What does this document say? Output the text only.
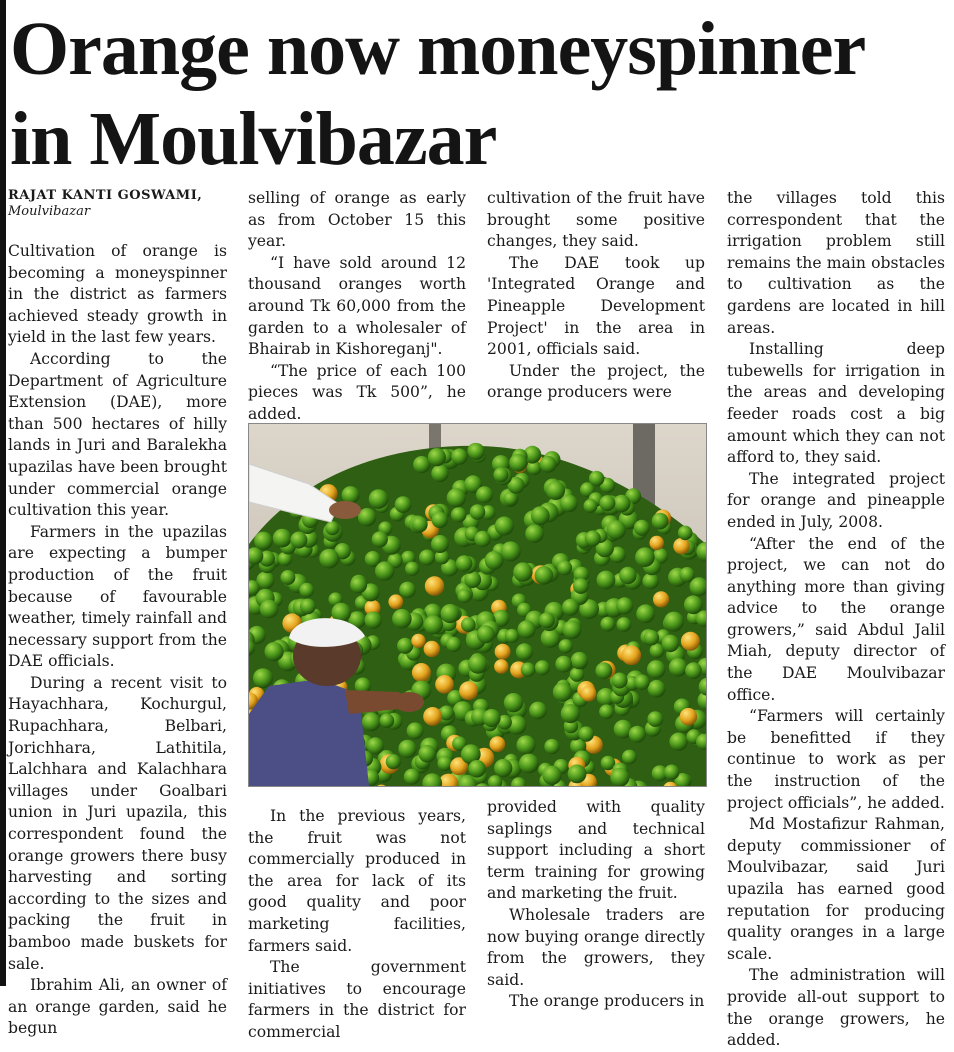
Orange now moneyspinner
in Moulvibazar
RAJAT KANTI GOSWAMI,
Moulvibazar

Cultivation of orange is becoming a moneyspinner in the district as farmers achieved steady growth in yield in the last few years.

According to the Department of Agriculture Extension (DAE), more than 500 hectares of hilly lands in Juri and Baralekha upazilas have been brought under commercial orange cultivation this year.

Farmers in the upazilas are expecting a bumper production of the fruit because of favourable weather, timely rainfall and necessary support from the DAE officials.

During a recent visit to Hayachhara, Kochurgul, Rupachhara, Belbari, Jorichhara, Lathitila, Lalchhara and Kalachhara villages under Goalbari union in Juri upazila, this correspondent found the orange growers there busy harvesting and sorting according to the sizes and packing the fruit in bamboo made buskets for sale.

Ibrahim Ali, an owner of an orange garden, said he begun

selling of orange as early as from October 15 this year.

“I have sold around 12 thousand oranges worth around Tk 60,000 from the garden to a wholesaler of Bhairab in Kishoreganj".

“The price of each 100 pieces was Tk 500”, he added.

cultivation of the fruit have brought some positive changes, they said.

The DAE took up 'Integrated Orange and Pineapple Development Project' in the area in 2001, officials said.

Under the project, the orange producers were

the villages told this correspondent that the irrigation problem still remains the main obstacles to cultivation as the gardens are located in hill areas.

Installing deep tubewells for irrigation in the areas and developing feeder roads cost a big amount which they can not afford to, they said.

The integrated project for orange and pineapple ended in July, 2008.

“After the end of the project, we can not do anything more than giving advice to the orange growers,” said Abdul Jalil Miah, deputy director of the DAE Moulvibazar office.

“Farmers will certainly be benefitted if they continue to work as per the instruction of the project officials”, he added.

Md Mostafizur Rahman, deputy commissioner of Moulvibazar, said Juri upazila has earned good reputation for producing quality oranges in a large scale.

The administration will provide all-out support to the orange growers, he added.

In the previous years, the fruit was not commercially produced in the area for lack of its good quality and poor marketing facilities, farmers said.

The government initiatives to encourage farmers in the district for commercial

provided with quality saplings and technical support including a short term training for growing and marketing the fruit.

Wholesale traders are now buying orange directly from the growers, they said.

The orange producers in
